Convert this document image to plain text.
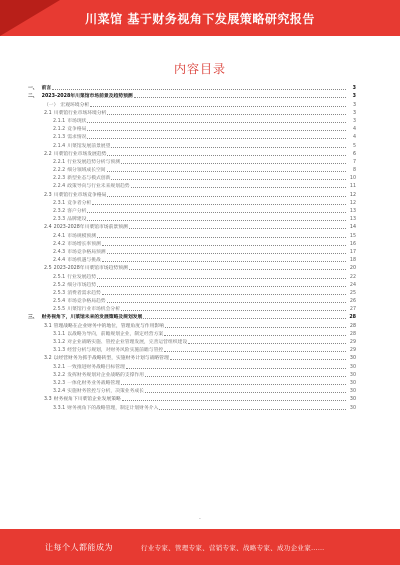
川菜馆 基于财务视角下发展策略研究报告
内容目录
一、 前言	3
二、 2023-2028年川菜馆市场前景及趋势预测	3
（一） 宏观环境分析	3
2.1 川菜馆行业市场环境分析	3
2.1.1 市场现状	3
2.1.2 竞争格局	4
2.1.3 需求情况	4
2.1.4 川菜馆发展前景展望	5
2.2 川菜馆行业市场发展趋势	6
2.2.1 行业发展趋势分析与预测	7
2.2.2 细分领域成长空间	8
2.2.3 新型业态与模式创新	10
2.2.4 政策导向与行业未来规划趋势	11
2.3 川菜馆行业市场竞争格局	12
2.3.1 竞争者分析	12
2.3.2 客户分析	13
2.3.3 品牌建设	13
2.4 2023-2028年川菜馆市场前景预测	14
2.4.1 市场规模预测	15
2.4.2 市场增长率预测	16
2.4.3 市场竞争格局预测	17
2.4.4 市场机遇与挑战	18
2.5 2023-2028年川菜馆市场趋势预测	20
2.5.1 行业发展趋势	22
2.5.2 细分市场趋势	24
2.5.3 消费者需求趋势	25
2.5.4 市场竞争格局趋势	26
2.5.5 川菜馆行业市场机会分析	27
三、 财务视角下，川菜馆未来的发展策略及规划发展	28
3.1 管理战略在企业财务中的地位，管理角度与作用影响	28
3.1.1 以战略为导向，前瞻规划企业，制定经营方案	28
3.1.2 对企业战略实施、管控企业管理发展，完善运营组织建设	29
3.1.3 经营分析与规划，对财务风险实施前瞻与管控	29
3.2 以经营财务为抓手战略转型，实施财务计划与战略管理	30
3.2.1 一致推进财务战略目标管理	30
3.2.2 发挥财务规划对企业战略的支撑作用	30
3.2.3 一体化财务业务战略管理	30
3.2.4 实施财务管控与分析，决策业务成长	30
3.3 财务视角下川菜馆企业发展策略	30
3.3.1 财务视角下的战略管理，制定计划财务介入	30
·
让每个人都能成为	行业专家、管理专家、营销专家、战略专家、成功企业家……
